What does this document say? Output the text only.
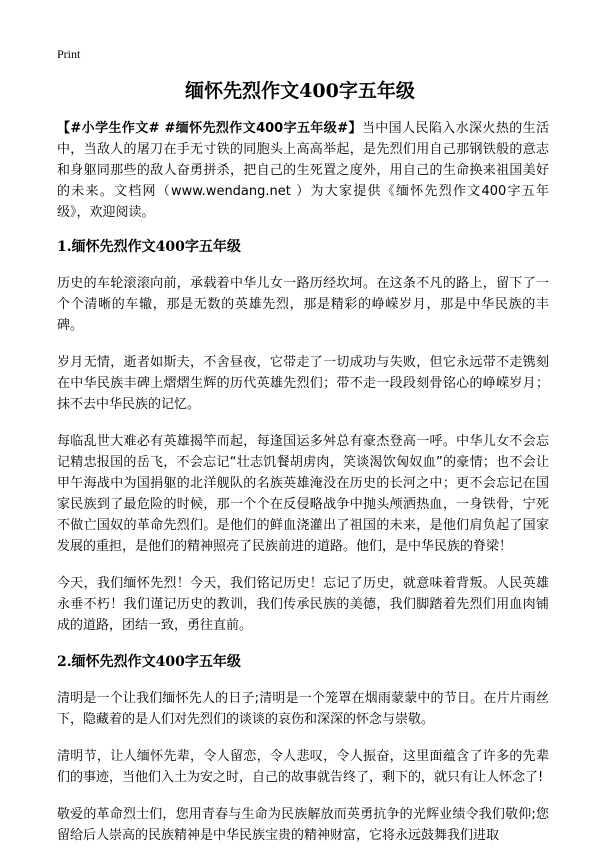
Print
缅怀先烈作文400字五年级

【#小学生作文# #缅怀先烈作文400字五年级#】当中国人民陷入水深火热的生活中，当敌人的屠刀在手无寸铁的同胞头上高高举起，是先烈们用自己那钢铁般的意志和身躯同那些的敌人奋勇拼杀，把自己的生死置之度外，用自己的生命换来祖国美好的未来。文档网（www.wendang.net ）为大家提供《缅怀先烈作文400字五年级》，欢迎阅读。

1.缅怀先烈作文400字五年级

历史的车轮滚滚向前，承载着中华儿女一路历经坎坷。在这条不凡的路上，留下了一个个清晰的车辙，那是无数的英雄先烈，那是精彩的峥嵘岁月，那是中华民族的丰碑。

岁月无情，逝者如斯夫，不舍昼夜，它带走了一切成功与失败，但它永远带不走镌刻在中华民族丰碑上熠熠生辉的历代英雄先烈们；带不走一段段刻骨铭心的峥嵘岁月；抹不去中华民族的记忆。

每临乱世大难必有英雄揭竿而起，每逢国运多舛总有豪杰登高一呼。中华儿女不会忘记精忠报国的岳飞，不会忘记“壮志饥餐胡虏肉，笑谈渴饮匈奴血”的豪情；也不会让甲午海战中为国捐躯的北洋舰队的名族英雄淹没在历史的长河之中；更不会忘记在国家民族到了最危险的时候，那一个个在反侵略战争中抛头颅洒热血，一身铁骨，宁死不做亡国奴的革命先烈们。是他们的鲜血浇灌出了祖国的未来，是他们肩负起了国家发展的重担，是他们的精神照亮了民族前进的道路。他们，是中华民族的脊梁！

今天，我们缅怀先烈！今天，我们铭记历史！忘记了历史，就意味着背叛。人民英雄永垂不朽！我们谨记历史的教训，我们传承民族的美德，我们脚踏着先烈们用血肉铺成的道路，团结一致，勇往直前。

2.缅怀先烈作文400字五年级

清明是一个让我们缅怀先人的日子;清明是一个笼罩在烟雨蒙蒙中的节日。在片片雨丝下，隐藏着的是人们对先烈们的谈谈的哀伤和深深的怀念与崇敬。

清明节，让人缅怀先辈，令人留恋，令人悲叹，令人振奋，这里面蕴含了许多的先辈们的事迹，当他们入土为安之时，自己的故事就告终了，剩下的，就只有让人怀念了!

敬爱的革命烈士们，您用青春与生命为民族解放而英勇抗争的光辉业绩令我们敬仰;您留给后人崇高的民族精神是中华民族宝贵的精神财富，它将永远鼓舞我们进取
